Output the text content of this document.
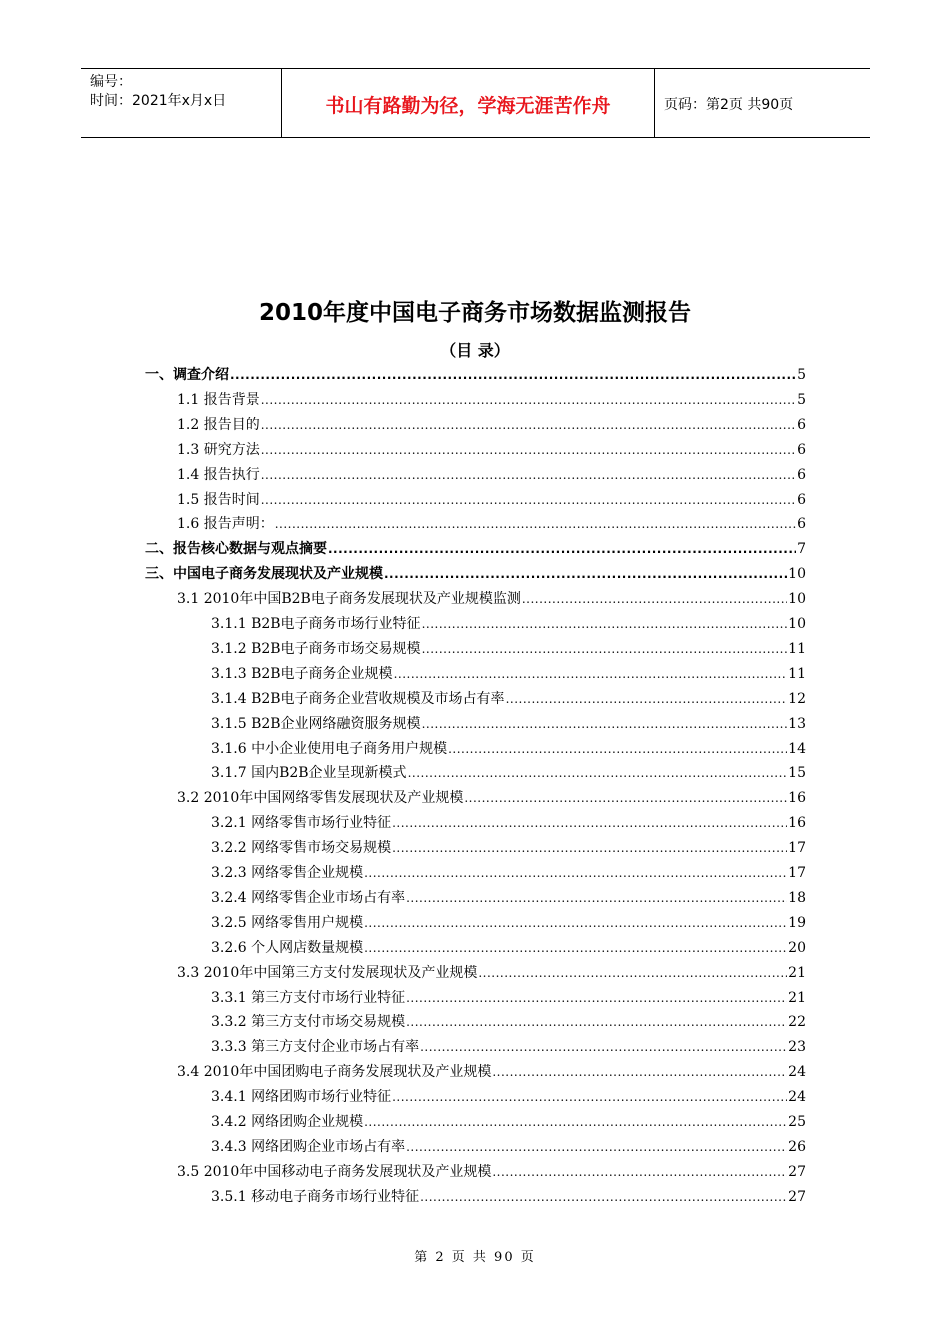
编号：
时间：2021年x月x日	书山有路勤为径，学海无涯苦作舟	页码：第2页 共90页
2010年度中国电子商务市场数据监测报告
（目 录）
一、调查介绍 .....	5
1.1 报告背景 .....	5
1.2 报告目的 .....	6
1.3 研究方法 .....	6
1.4 报告执行 .....	6
1.5 报告时间 .....	6
1.6 报告声明： .....	6
二、报告核心数据与观点摘要 .....	7
三、中国电子商务发展现状及产业规模 .....	10
3.1 2010年中国B2B电子商务发展现状及产业规模监测 .....	10
3.1.1 B2B电子商务市场行业特征 .....	10
3.1.2 B2B电子商务市场交易规模 .....	11
3.1.3 B2B电子商务企业规模 .....	11
3.1.4 B2B电子商务企业营收规模及市场占有率 .....	12
3.1.5 B2B企业网络融资服务规模 .....	13
3.1.6 中小企业使用电子商务用户规模 .....	14
3.1.7 国内B2B企业呈现新模式 .....	15
3.2 2010年中国网络零售发展现状及产业规模 .....	16
3.2.1 网络零售市场行业特征 .....	16
3.2.2 网络零售市场交易规模 .....	17
3.2.3 网络零售企业规模 .....	17
3.2.4 网络零售企业市场占有率 .....	18
3.2.5 网络零售用户规模 .....	19
3.2.6 个人网店数量规模 .....	20
3.3 2010年中国第三方支付发展现状及产业规模 .....	21
3.3.1 第三方支付市场行业特征 .....	21
3.3.2 第三方支付市场交易规模 .....	22
3.3.3 第三方支付企业市场占有率 .....	23
3.4 2010年中国团购电子商务发展现状及产业规模 .....	24
3.4.1 网络团购市场行业特征 .....	24
3.4.2 网络团购企业规模 .....	25
3.4.3 网络团购企业市场占有率 .....	26
3.5 2010年中国移动电子商务发展现状及产业规模 .....	27
3.5.1 移动电子商务市场行业特征 .....	27
第 2 页 共 90 页
